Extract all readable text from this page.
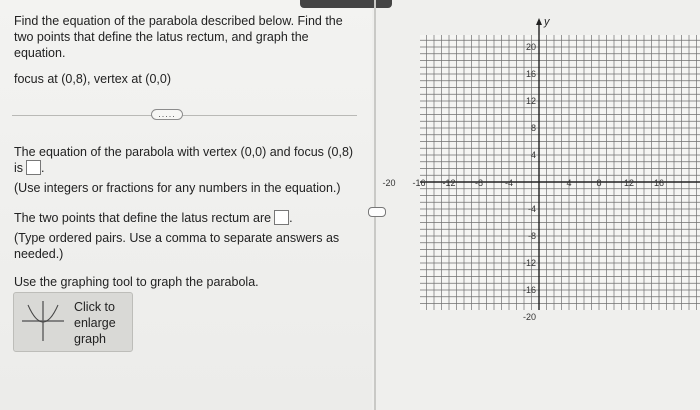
Find the equation of the parabola described below. Find the two points that define the latus rectum, and graph the equation.

focus at (0,8), vertex at (0,0)

.....

The equation of the parabola with vertex (0,0) and focus (0,8) is .

(Use integers or fractions for any numbers in the equation.)

The two points that define the latus rectum are .

(Type ordered pairs. Use a comma to separate answers as needed.)

Use the graphing tool to graph the parabola.

Click to enlarge graph
y
-20 -16 -12 -8 -4	4	8 12 16
20
16
12
8
4
-4
-8
-12
-16
-20
